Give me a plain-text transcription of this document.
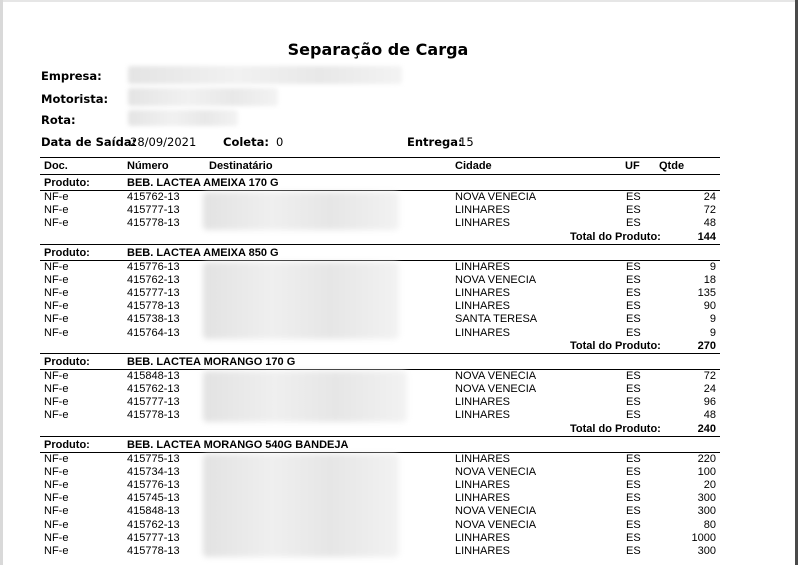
Separação de Carga
Empresa:
Motorista:
Rota:
Data de Saída:
28/09/2021 Coleta: 0	Entrega:
15
Doc.	Número	Destinatário	Cidade	UF Qtde
Produto:	BEB. LACTEA AMEIXA 170 G
NF-e	415762-13	NOVA VENECIA	ES	24
NF-e	415777-13	LINHARES	ES	72
NF-e	415778-13	LINHARES	ES	48
Total do Produto:	144
Produto:	BEB. LACTEA AMEIXA 850 G
NF-e	415776-13	LINHARES	ES	9
NF-e	415762-13	NOVA VENECIA	ES	18
NF-e	415777-13	LINHARES	ES	135
NF-e	415778-13	LINHARES	ES	90
NF-e	415738-13	SANTA TERESA	ES	9
NF-e	415764-13	LINHARES	ES	9
Total do Produto:	270
Produto:	BEB. LACTEA MORANGO 170 G
NF-e	415848-13	NOVA VENECIA	ES	72
NF-e	415762-13	NOVA VENECIA	ES	24
NF-e	415777-13	LINHARES	ES	96
NF-e	415778-13	LINHARES	ES	48
Total do Produto:	240
Produto:	BEB. LACTEA MORANGO 540G BANDEJA
NF-e	415775-13	LINHARES	ES	220
NF-e	415734-13	NOVA VENECIA	ES	100
NF-e	415776-13	LINHARES	ES	20
NF-e	415745-13	LINHARES	ES	300
NF-e	415848-13	NOVA VENECIA	ES	300
NF-e	415762-13	NOVA VENECIA	ES	80
NF-e	415777-13	LINHARES	ES	1000
NF-e	415778-13	LINHARES	ES	300
